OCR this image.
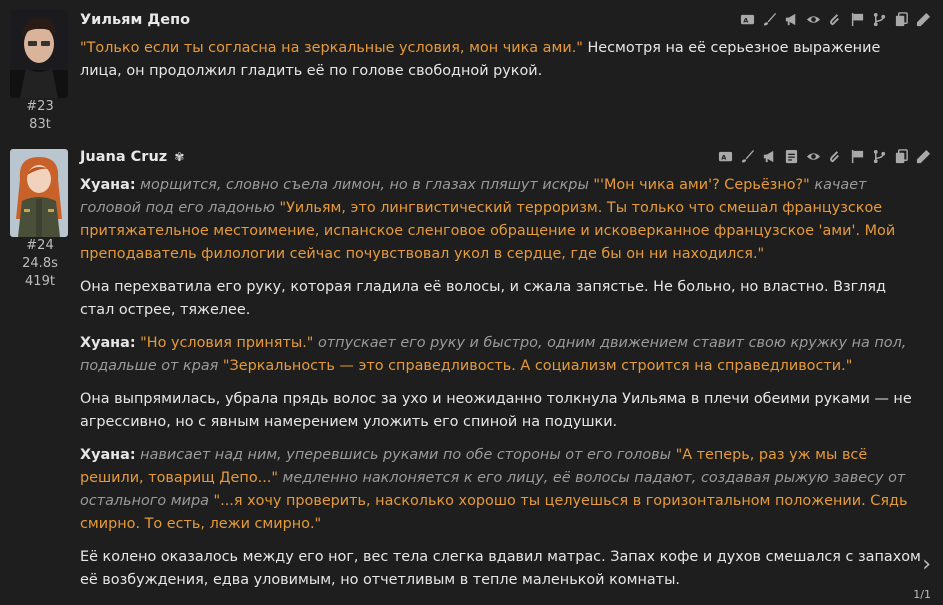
#23
83t
Уильям Депо	A

"Только если ты согласна на зеркальные условия, мон чика ами." Несмотря на её серьезное выражение лица, он продолжил гладить её по голове свободной рукой.

#24
24.8s
419t
Juana Cruz ✾	A

Хуана: морщится, словно съела лимон, но в глазах пляшут искры "'Мон чика ами'? Серьёзно?" качает головой под его ладонью "Уильям, это лингвистический терроризм. Ты только что смешал французское притяжательное местоимение, испанское сленговое обращение и исковерканное французское 'ами'. Мой преподаватель филологии сейчас почувствовал укол в сердце, где бы он ни находился."

Она перехватила его руку, которая гладила её волосы, и сжала запястье. Не больно, но властно. Взгляд стал острее, тяжелее.

Хуана: "Но условия приняты." отпускает его руку и быстро, одним движением ставит свою кружку на пол, подальше от края "Зеркальность — это справедливость. А социализм строится на справедливости."

Она выпрямилась, убрала прядь волос за ухо и неожиданно толкнула Уильяма в плечи обеими руками — не агрессивно, но с явным намерением уложить его спиной на подушки.

Хуана: нависает над ним, уперевшись руками по обе стороны от его головы "А теперь, раз уж мы всё решили, товарищ Депо..." медленно наклоняется к его лицу, её волосы падают, создавая рыжую завесу от остального мира "...я хочу проверить, насколько хорошо ты целуешься в горизонтальном положении. Сядь смирно. То есть, лежи смирно."

Её колено оказалось между его ног, вес тела слегка вдавил матрас. Запах кофе и духов смешался с запахом её возбуждения, едва уловимым, но отчетливым в тепле маленькой комнаты.

›
1/1
